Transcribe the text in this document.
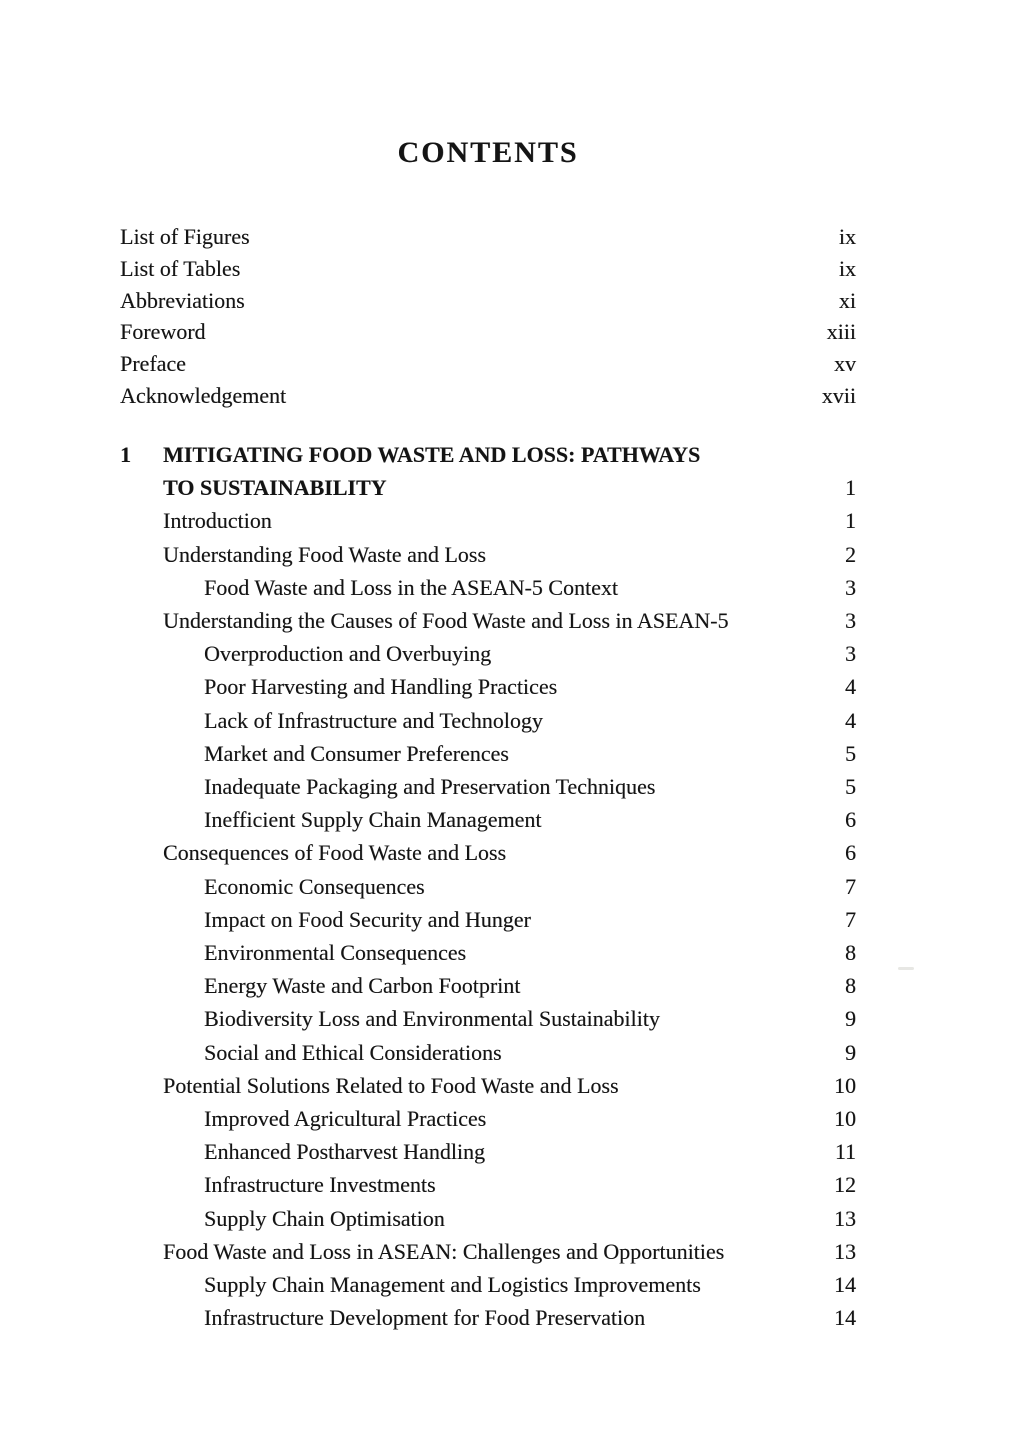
CONTENTS
List of Figures	ix
List of Tables	ix
Abbreviations	xi
Foreword	xiii
Preface	xv
Acknowledgement	xvii
1	MITIGATING FOOD WASTE AND LOSS: PATHWAYS
TO SUSTAINABILITY	1
Introduction	1
Understanding Food Waste and Loss	2
Food Waste and Loss in the ASEAN-5 Context	3
Understanding the Causes of Food Waste and Loss in ASEAN-5	3
Overproduction and Overbuying	3
Poor Harvesting and Handling Practices	4
Lack of Infrastructure and Technology	4
Market and Consumer Preferences	5
Inadequate Packaging and Preservation Techniques	5
Inefficient Supply Chain Management	6
Consequences of Food Waste and Loss	6
Economic Consequences	7
Impact on Food Security and Hunger	7
Environmental Consequences	8
Energy Waste and Carbon Footprint	8
Biodiversity Loss and Environmental Sustainability	9
Social and Ethical Considerations	9
Potential Solutions Related to Food Waste and Loss	10
Improved Agricultural Practices	10
Enhanced Postharvest Handling	11
Infrastructure Investments	12
Supply Chain Optimisation	13
Food Waste and Loss in ASEAN: Challenges and Opportunities	13
Supply Chain Management and Logistics Improvements	14
Infrastructure Development for Food Preservation	14
